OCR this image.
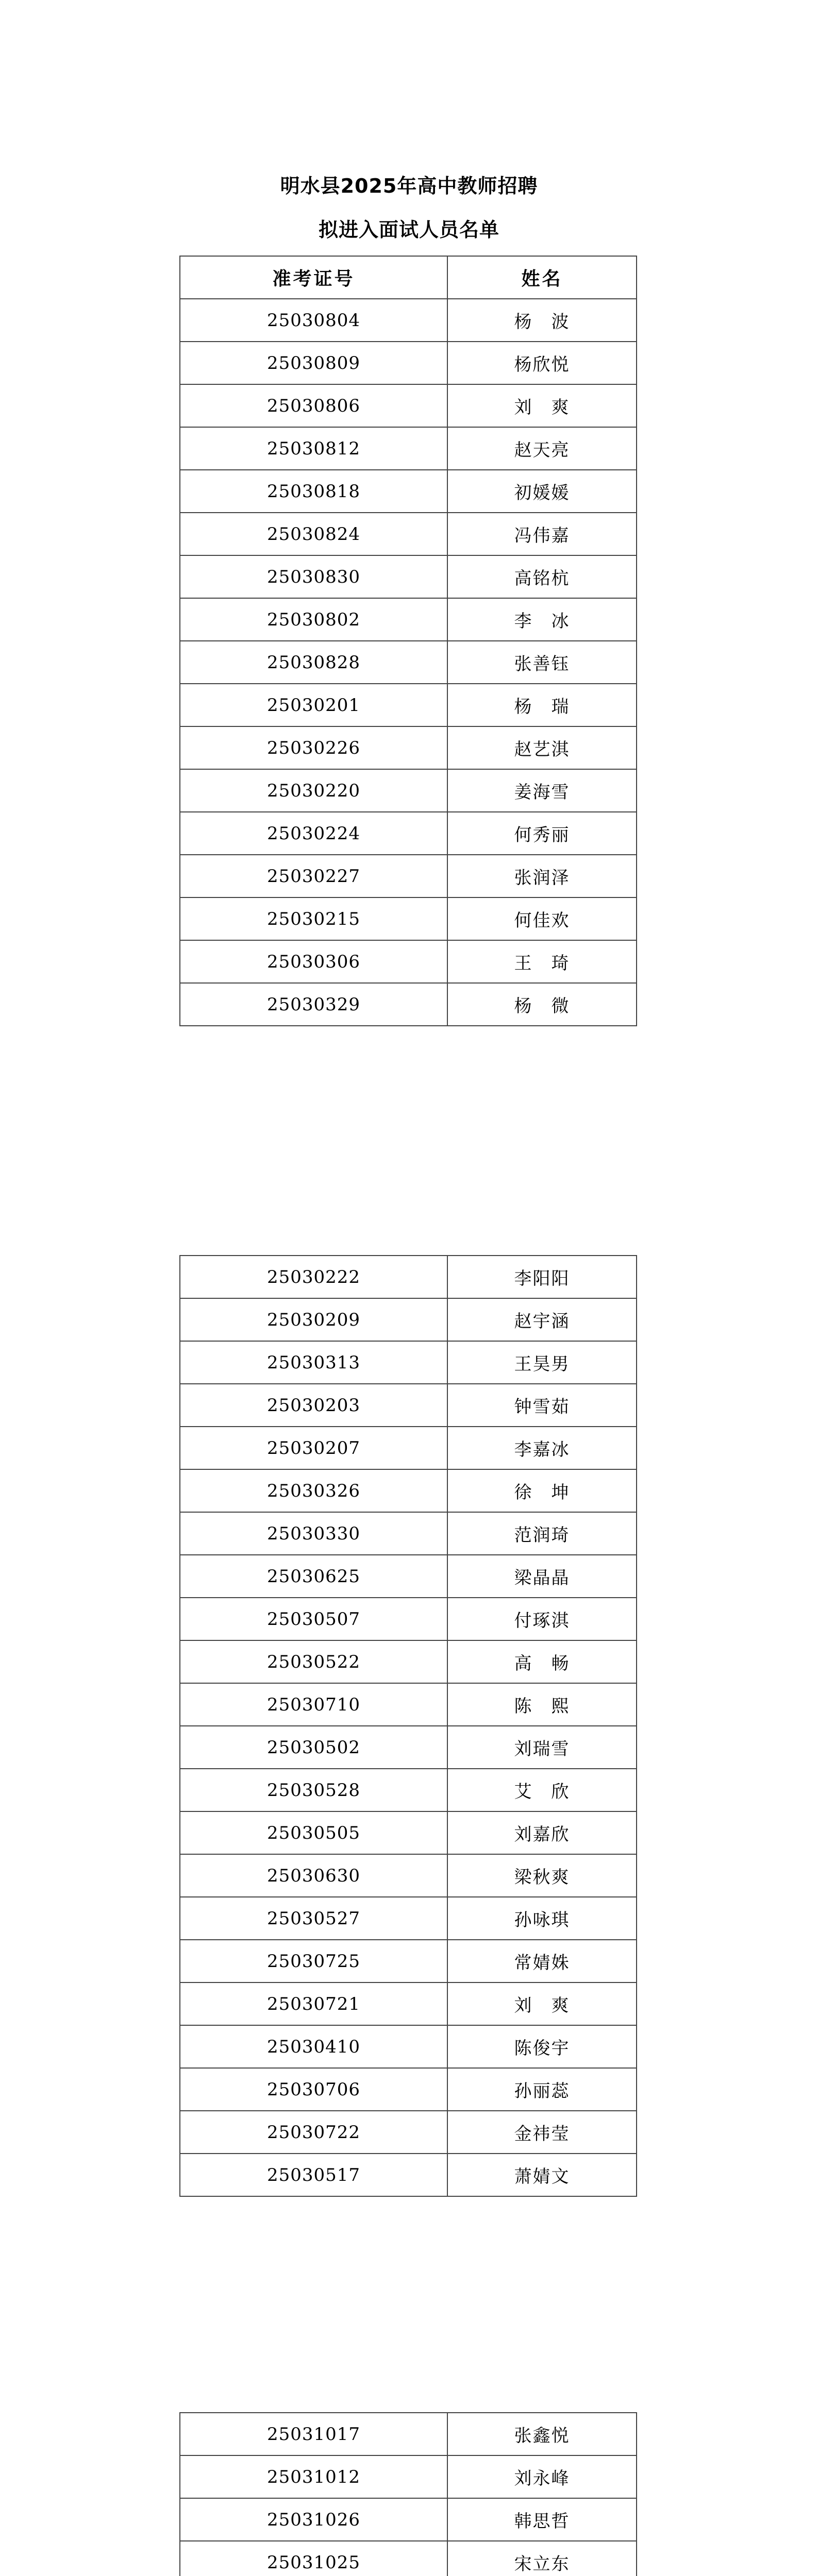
明水县2025年高中教师招聘
拟进入面试人员名单
准考证号	姓名
25030804	杨　波
25030809	杨欣悦
25030806	刘　爽
25030812	赵天亮
25030818	初媛媛
25030824	冯伟嘉
25030830	高铭杭
25030802	李　冰
25030828	张善钰
25030201	杨　瑞
25030226	赵艺淇
25030220	姜海雪
25030224	何秀丽
25030227	张润泽
25030215	何佳欢
25030306	王　琦
25030329	杨　微
25030222	李阳阳
25030209	赵宇涵
25030313	王昊男
25030203	钟雪茹
25030207	李嘉冰
25030326	徐　坤
25030330	范润琦
25030625	梁晶晶
25030507	付琢淇
25030522	高　畅
25030710	陈　熙
25030502	刘瑞雪
25030528	艾　欣
25030505	刘嘉欣
25030630	梁秋爽
25030527	孙咏琪
25030725	常婧姝
25030721	刘　爽
25030410	陈俊宇
25030706	孙丽蕊
25030722	金祎莹
25030517	萧婧文
25031017	张鑫悦
25031012	刘永峰
25031026	韩思哲
25031025	宋立东
